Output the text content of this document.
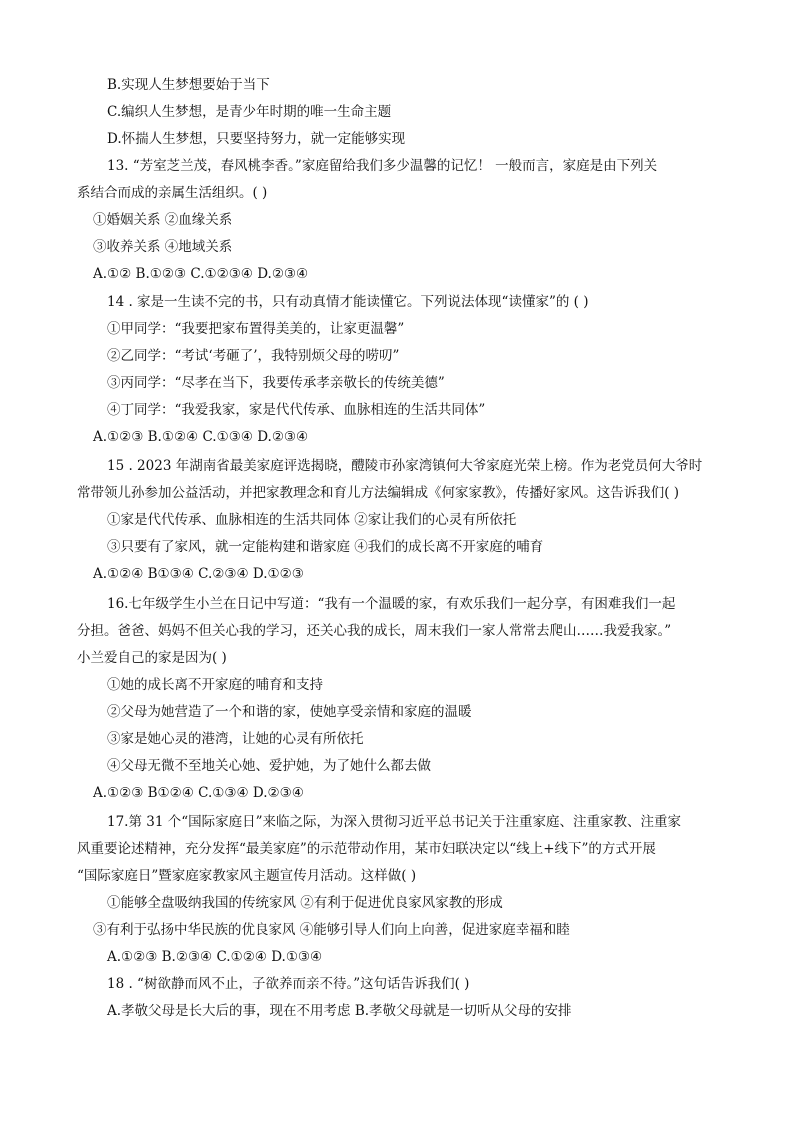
B.实现人生梦想要始于当下
C.编织人生梦想，是青少年时期的唯一生命主题
D.怀揣人生梦想，只要坚持努力，就一定能够实现
13. “芳室芝兰茂，春风桃李香。”家庭留给我们多少温馨的记忆！ 一般而言，家庭是由下列关
系结合而成的亲属生活组织。( )
①婚姻关系 ②血缘关系
③收养关系 ④地域关系
A.①② B.①②③ C.①②③④ D.②③④
14 . 家是一生读不完的书，只有动真情才能读懂它。下列说法体现“读懂家”的 ( )
①甲同学：“我要把家布置得美美的，让家更温馨”
②乙同学：“考试‘考砸了’，我特别烦父母的唠叨”
③丙同学：“尽孝在当下，我要传承孝亲敬长的传统美德”
④丁同学：“我爱我家，家是代代传承、血脉相连的生活共同体”
A.①②③ B.①②④ C.①③④ D.②③④
15 . 2023 年湖南省最美家庭评选揭晓，醴陵市孙家湾镇何大爷家庭光荣上榜。作为老党员何大爷时
常带领儿孙参加公益活动，并把家教理念和育儿方法编辑成《何家家教》，传播好家风。这告诉我们( )
①家是代代传承、血脉相连的生活共同体 ②家让我们的心灵有所依托
③只要有了家风，就一定能构建和谐家庭 ④我们的成长离不开家庭的哺育
A.①②④ B①③④ C.②③④ D.①②③
16.七年级学生小兰在日记中写道：“我有一个温暖的家，有欢乐我们一起分享，有困难我们一起
分担。爸爸、妈妈不但关心我的学习，还关心我的成长，周末我们一家人常常去爬山……我爱我家。”
小兰爱自己的家是因为( )
①她的成长离不开家庭的哺育和支持
②父母为她营造了一个和谐的家，使她享受亲情和家庭的温暖
③家是她心灵的港湾，让她的心灵有所依托
④父母无微不至地关心她、爱护她，为了她什么都去做
A.①②③ B①②④ C.①③④ D.②③④
17.第 31 个“国际家庭日”来临之际，为深入贯彻习近平总书记关于注重家庭、注重家教、注重家
风重要论述精神，充分发挥“最美家庭”的示范带动作用，某市妇联决定以“线上+线下”的方式开展
“国际家庭日”暨家庭家教家风主题宣传月活动。这样做( )
①能够全盘吸纳我国的传统家风 ②有利于促进优良家风家教的形成
③有利于弘扬中华民族的优良家风 ④能够引导人们向上向善，促进家庭幸福和睦
A.①②③ B.②③④ C.①②④ D.①③④
18 . “树欲静而风不止，子欲养而亲不待。”这句话告诉我们( )
A.孝敬父母是长大后的事，现在不用考虑 B.孝敬父母就是一切听从父母的安排
